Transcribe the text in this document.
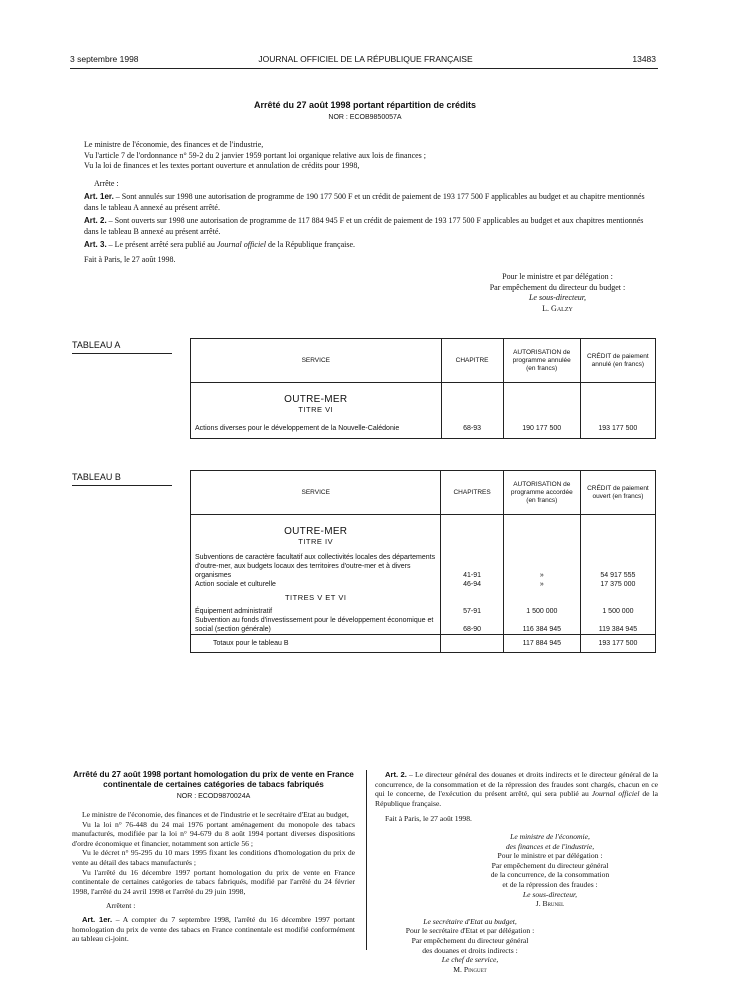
3 septembre 1998	JOURNAL OFFICIEL DE LA RÉPUBLIQUE FRANÇAISE	13483
Arrêté du 27 août 1998 portant répartition de crédits
NOR : ECOB9850057A

Le ministre de l'économie, des finances et de l'industrie,

Vu l'article 7 de l'ordonnance n° 59-2 du 2 janvier 1959 portant loi organique relative aux lois de finances ;

Vu la loi de finances et les textes portant ouverture et annulation de crédits pour 1998,

Arrête :

Art. 1er. – Sont annulés sur 1998 une autorisation de programme de 190 177 500 F et un crédit de paiement de 193 177 500 F applicables au budget et au chapitre mentionnés dans le tableau A annexé au présent arrêté.

Art. 2. – Sont ouverts sur 1998 une autorisation de programme de 117 884 945 F et un crédit de paiement de 193 177 500 F applicables au budget et aux chapitres mentionnés dans le tableau B annexé au présent arrêté.

Art. 3. – Le présent arrêté sera publié au Journal officiel de la République française.

Fait à Paris, le 27 août 1998.

Pour le ministre et par délégation :

Par empêchement du directeur du budget :

Le sous-directeur,

L. Galzy

TABLEAU A
SERVICE	CHAPITRE	AUTORISATION de programme annulée (en francs)	CRÉDIT de paiement annulé (en francs)

OUTRE-MER			

TITRE VI			

Actions diverses pour le développement de la Nouvelle-Calédonie	68-93	190 177 500	193 177 500
TABLEAU B
SERVICE	CHAPITRES	AUTORISATION de programme accordée (en francs)	CRÉDIT de paiement ouvert (en francs)

OUTRE-MER			

TITRE IV			

Subventions de caractère facultatif aux collectivités locales des départements d'outre-mer, aux budgets locaux des territoires d'outre-mer et à divers organismes	41-91	»	54 917 555
Action sociale et culturelle	46-94	»	17 375 000

TITRES V ET VI			

Équipement administratif	57-91	1 500 000	1 500 000
Subvention au fonds d'investissement pour le développement économique et social (section générale)	68-90	116 384 945	119 384 945
Totaux pour le tableau B		117 884 945	193 177 500
Arrêté du 27 août 1998 portant homologation du prix de vente en France continentale de certaines catégories de tabacs fabriqués
NOR : ECOD9870024A

Le ministre de l'économie, des finances et de l'industrie et le secrétaire d'Etat au budget,

Vu la loi n° 76-448 du 24 mai 1976 portant aménagement du monopole des tabacs manufacturés, modifiée par la loi n° 94-679 du 8 août 1994 portant diverses dispositions d'ordre économique et financier, notamment son article 56 ;

Vu le décret n° 95-295 du 10 mars 1995 fixant les conditions d'homologation du prix de vente au détail des tabacs manufacturés ;

Vu l'arrêté du 16 décembre 1997 portant homologation du prix de vente en France continentale de certaines catégories de tabacs fabriqués, modifié par l'arrêté du 24 février 1998, l'arrêté du 24 avril 1998 et l'arrêté du 29 juin 1998,

Arrêtent :

Art. 1er. – A compter du 7 septembre 1998, l'arrêté du 16 décembre 1997 portant homologation du prix de vente des tabacs en France continentale est modifié conformément au tableau ci-joint.

Art. 2. – Le directeur général des douanes et droits indirects et le directeur général de la concurrence, de la consommation et de la répression des fraudes sont chargés, chacun en ce qui le concerne, de l'exécution du présent arrêté, qui sera publié au Journal officiel de la République française.

Fait à Paris, le 27 août 1998.

Le ministre de l'économie,

des finances et de l'industrie,

Pour le ministre et par délégation :

Par empêchement du directeur général

de la concurrence, de la consommation

et de la répression des fraudes :

Le sous-directeur,

J. Brunel

Le secrétaire d'Etat au budget,

Pour le secrétaire d'Etat et par délégation :

Par empêchement du directeur général

des douanes et droits indirects :

Le chef de service,

M. Pinguet
